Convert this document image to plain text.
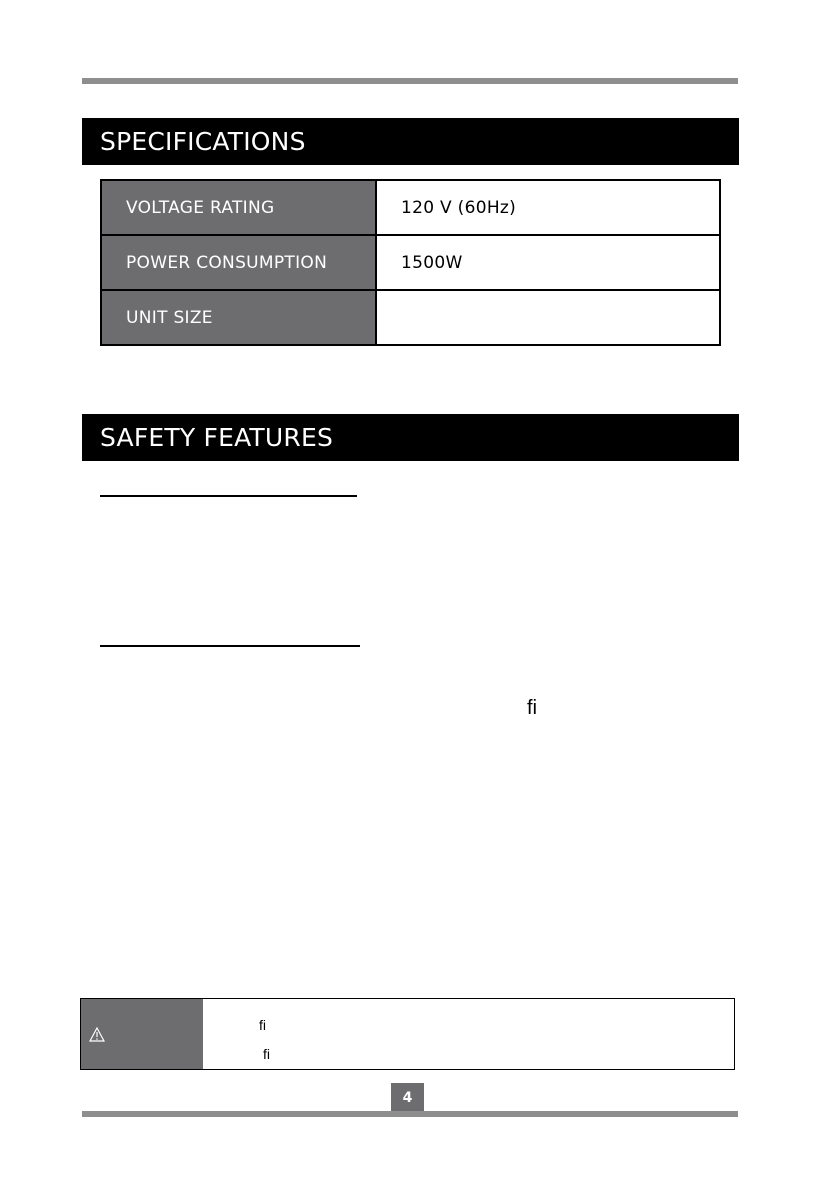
SPECIFICATIONS
VOLTAGE RATING	120 V (60Hz)
POWER CONSUMPTION	1500W
UNIT SIZE	
SAFETY FEATURES
ﬁ
ﬁ
ﬁ
4
